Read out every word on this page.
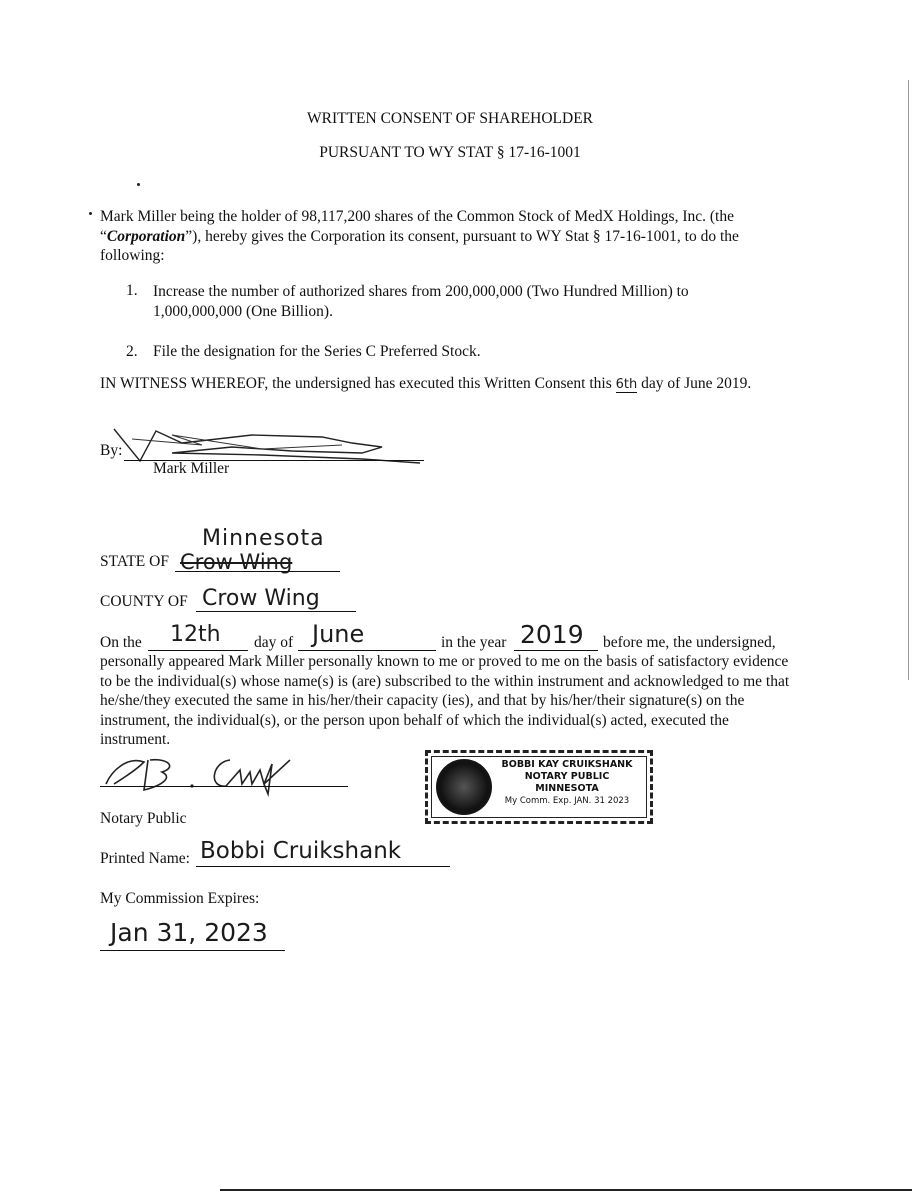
WRITTEN CONSENT OF SHAREHOLDER
PURSUANT TO WY STAT § 17-16-1001
Mark Miller being the holder of 98,117,200 shares of the Common Stock of MedX Holdings, Inc. (the “Corporation”), hereby gives the Corporation its consent, pursuant to WY Stat § 17-16-1001, to do the following:
1. Increase the number of authorized shares from 200,000,000 (Two Hundred Million) to
1,000,000,000 (One Billion).
2. File the designation for the Series C Preferred Stock.
IN WITNESS WHEREOF, the undersigned has executed this Written Consent this 6th day of June 2019.
By:
Mark Miller
Minnesota
STATE OF Crow Wing
COUNTY OF Crow Wing
On the 12th day of June	in the year 2019 before me, the undersigned,
personally appeared Mark Miller personally known to me or proved to me on the basis of satisfactory evidence to be the individual(s) whose name(s) is (are) subscribed to the within instrument and acknowledged to me that he/she/they executed the same in his/her/their capacity (ies), and that by his/her/their signature(s) on the instrument, the individual(s), or the person upon behalf of which the individual(s) acted, executed the instrument.
Notary Public
BOBBI KAY CRUIKSHANK
NOTARY PUBLIC
MINNESOTA
My Comm. Exp. JAN. 31 2023
Printed Name: Bobbi Cruikshank
My Commission Expires:
Jan 31, 2023
